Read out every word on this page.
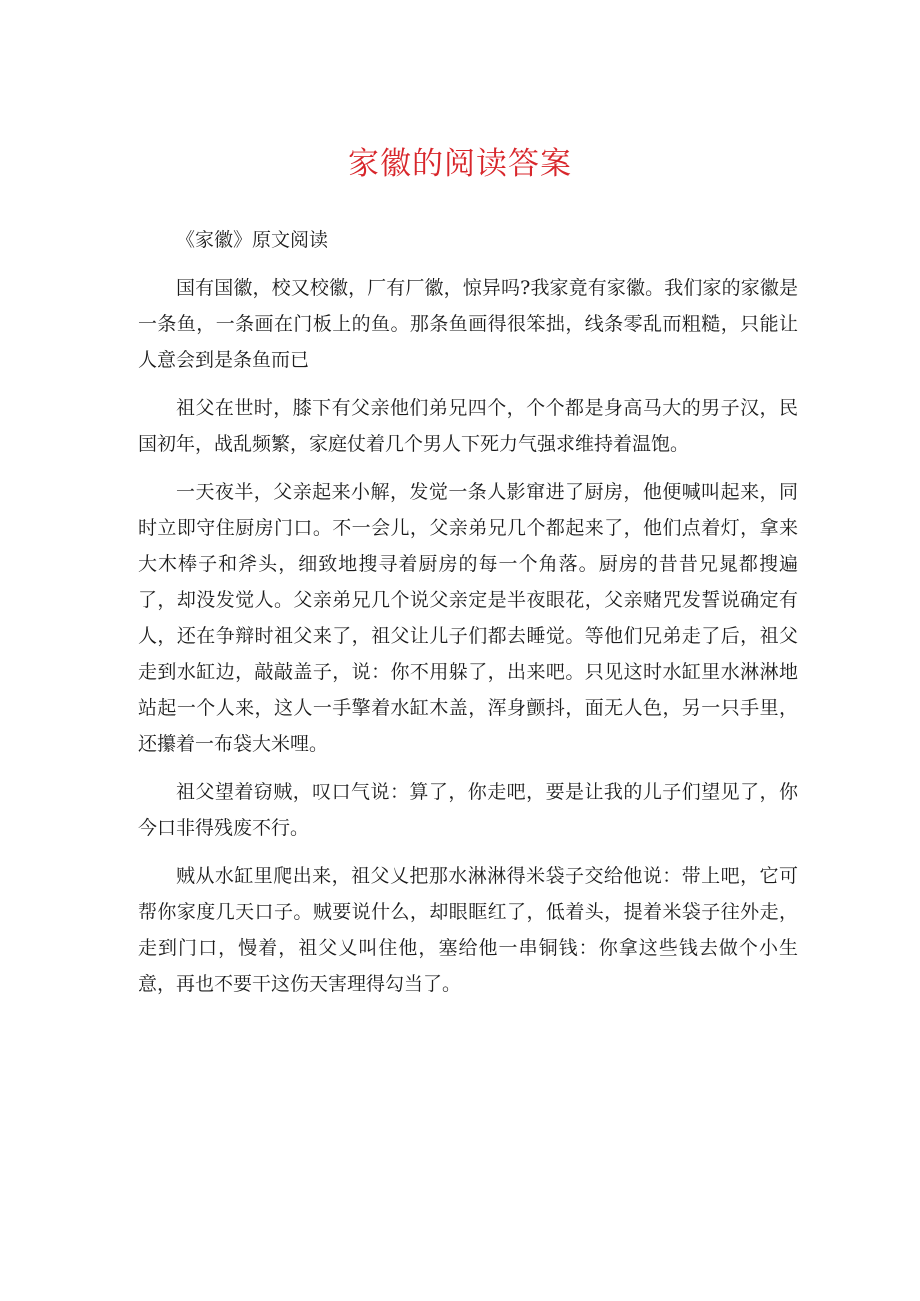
家徽的阅读答案

《家徽》原文阅读

国有国徽，校又校徽，厂有厂徽，惊异吗?我家竟有家徽。我们家的家徽是一条鱼，一条画在门板上的鱼。那条鱼画得很笨拙，线条零乱而粗糙，只能让人意会到是条鱼而已

祖父在世时，膝下有父亲他们弟兄四个，个个都是身高马大的男子汉，民国初年，战乱频繁，家庭仗着几个男人下死力气强求维持着温饱。

一天夜半，父亲起来小解，发觉一条人影窜进了厨房，他便喊叫起来，同时立即守住厨房门口。不一会儿，父亲弟兄几个都起来了，他们点着灯，拿来大木棒子和斧头，细致地搜寻着厨房的每一个角落。厨房的昔昔兄晁都搜遍了，却没发觉人。父亲弟兄几个说父亲定是半夜眼花，父亲赌咒发誓说确定有人，还在争辩时祖父来了，祖父让儿子们都去睡觉。等他们兄弟走了后，祖父走到水缸边，敲敲盖子，说：你不用躲了，出来吧。只见这时水缸里水淋淋地站起一个人来，这人一手擎着水缸木盖，浑身颤抖，面无人色，另一只手里，还攥着一布袋大米哩。

祖父望着窃贼，叹口气说：算了，你走吧，要是让我的儿子们望见了，你今口非得残废不行。

贼从水缸里爬出来，祖父乂把那水淋淋得米袋子交给他说：带上吧，它可帮你家度几天口子。贼要说什么，却眼眶红了，低着头，提着米袋子往外走，走到门口，慢着，祖父乂叫住他，塞给他一串铜钱：你拿这些钱去做个小生意，再也不要干这伤天害理得勾当了。
